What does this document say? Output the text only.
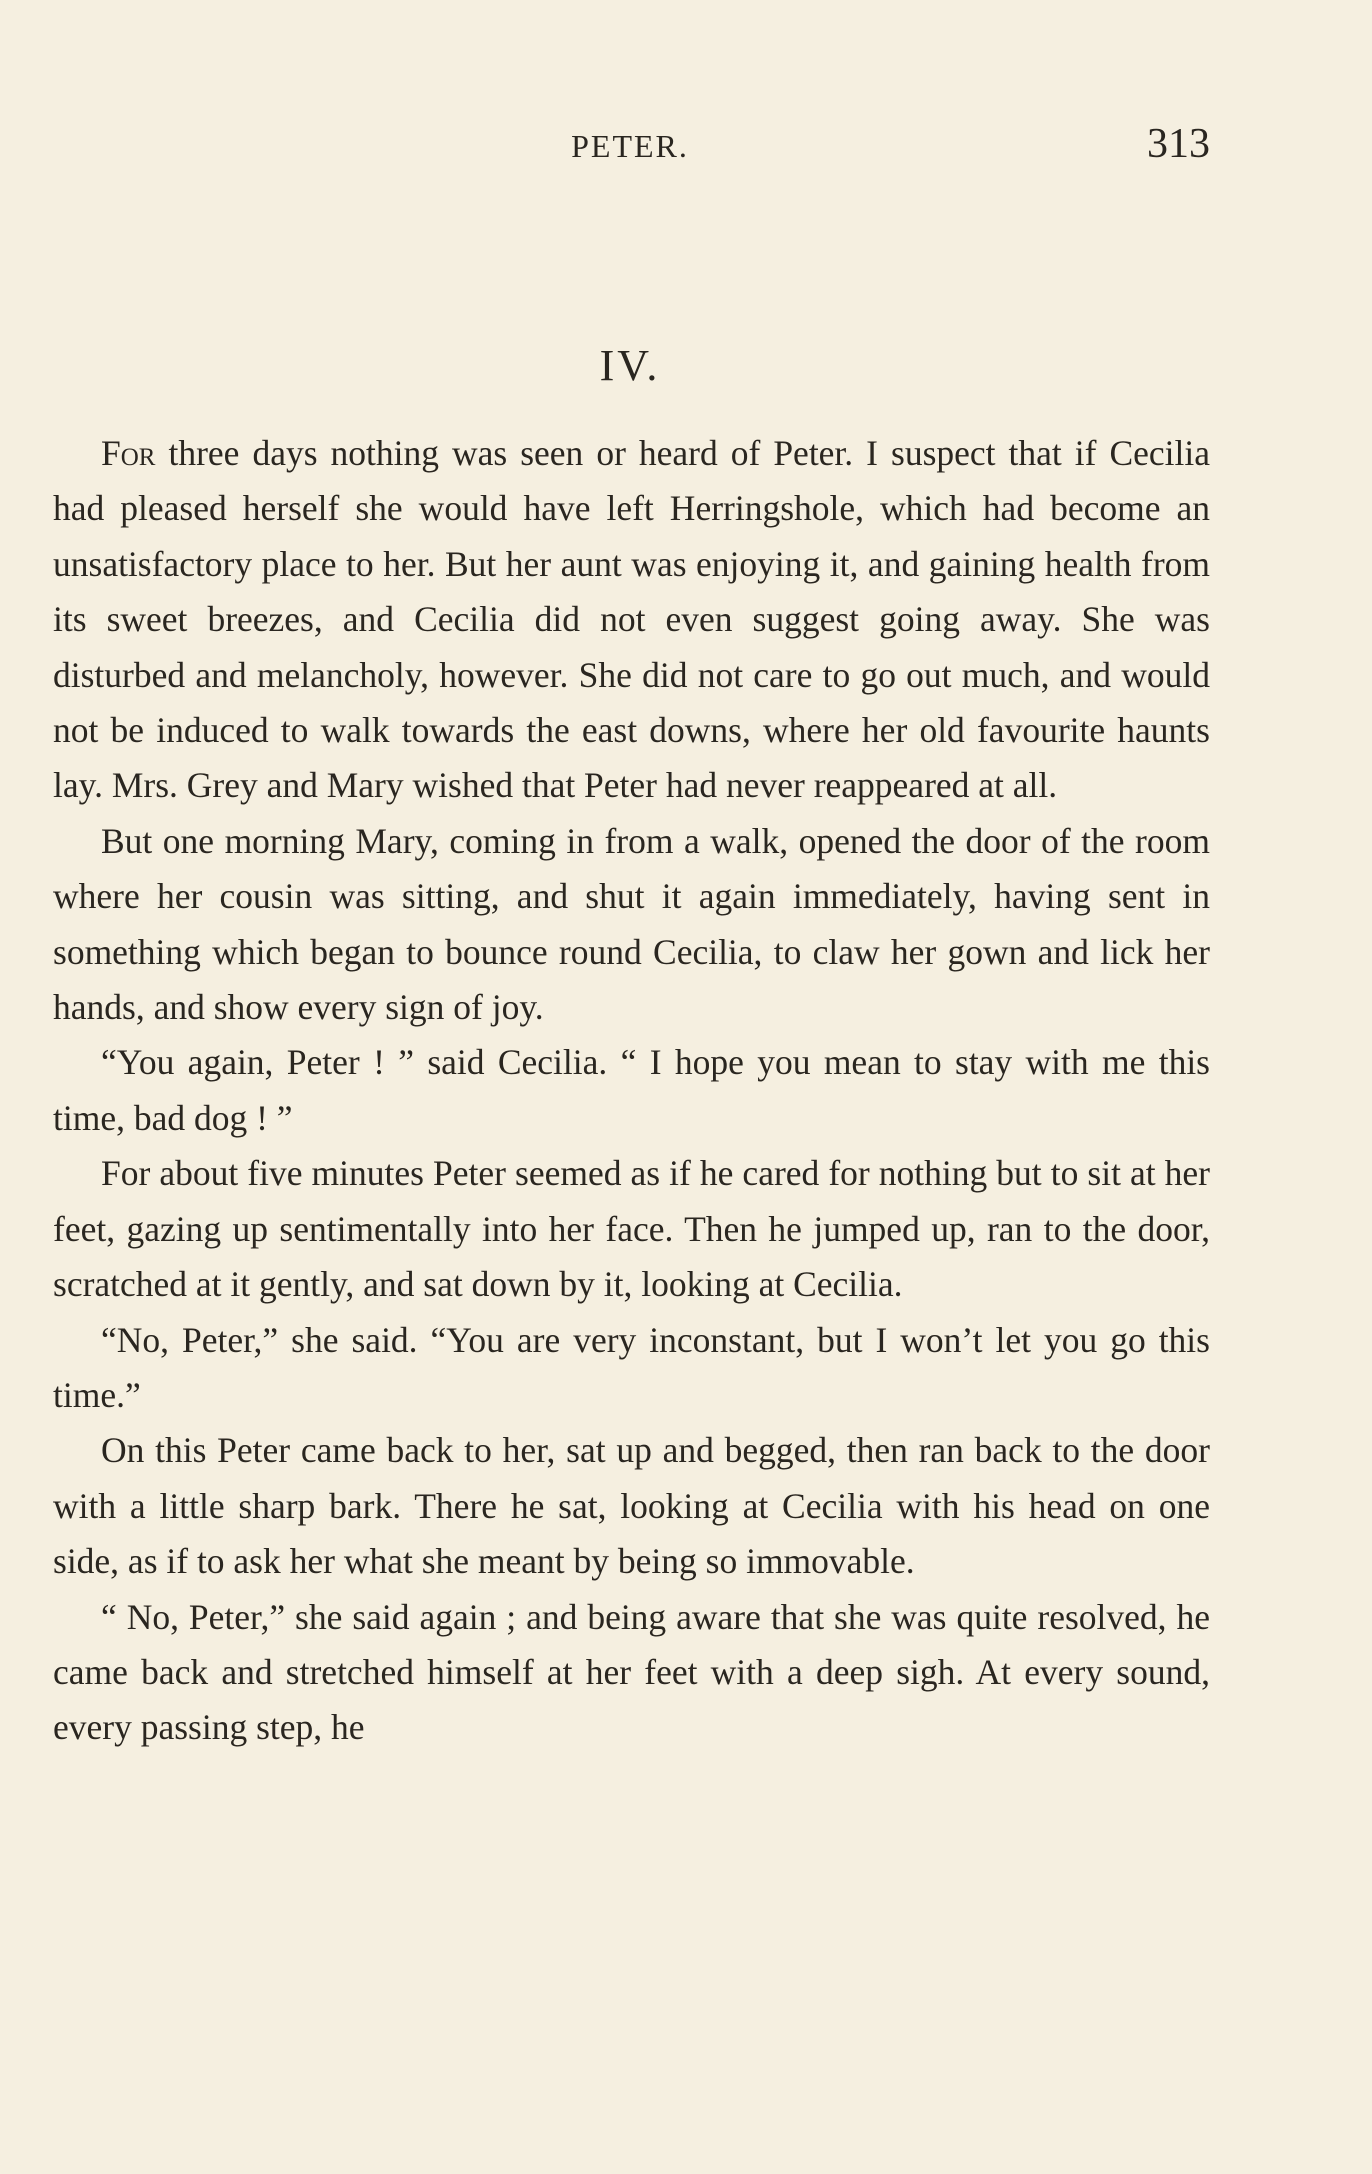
PETER.	313
IV.

For three days nothing was seen or heard of Peter. I suspect that if Cecilia had pleased herself she would have left Herringshole, which had become an unsatisfactory place to her. But her aunt was enjoying it, and gaining health from its sweet breezes, and Cecilia did not even suggest going away. She was disturbed and melancholy, however. She did not care to go out much, and would not be induced to walk towards the east downs, where her old favourite haunts lay. Mrs. Grey and Mary wished that Peter had never reappeared at all.

But one morning Mary, coming in from a walk, opened the door of the room where her cousin was sitting, and shut it again immediately, having sent in something which began to bounce round Cecilia, to claw her gown and lick her hands, and show every sign of joy.

“You again, Peter ! ” said Cecilia. “ I hope you mean to stay with me this time, bad dog ! ”

For about five minutes Peter seemed as if he cared for nothing but to sit at her feet, gazing up sentimentally into her face. Then he jumped up, ran to the door, scratched at it gently, and sat down by it, looking at Cecilia.

“No, Peter,” she said. “You are very inconstant, but I won’t let you go this time.”

On this Peter came back to her, sat up and begged, then ran back to the door with a little sharp bark. There he sat, looking at Cecilia with his head on one side, as if to ask her what she meant by being so immovable.

“ No, Peter,” she said again ; and being aware that she was quite resolved, he came back and stretched himself at her feet with a deep sigh. At every sound, every passing step, he
